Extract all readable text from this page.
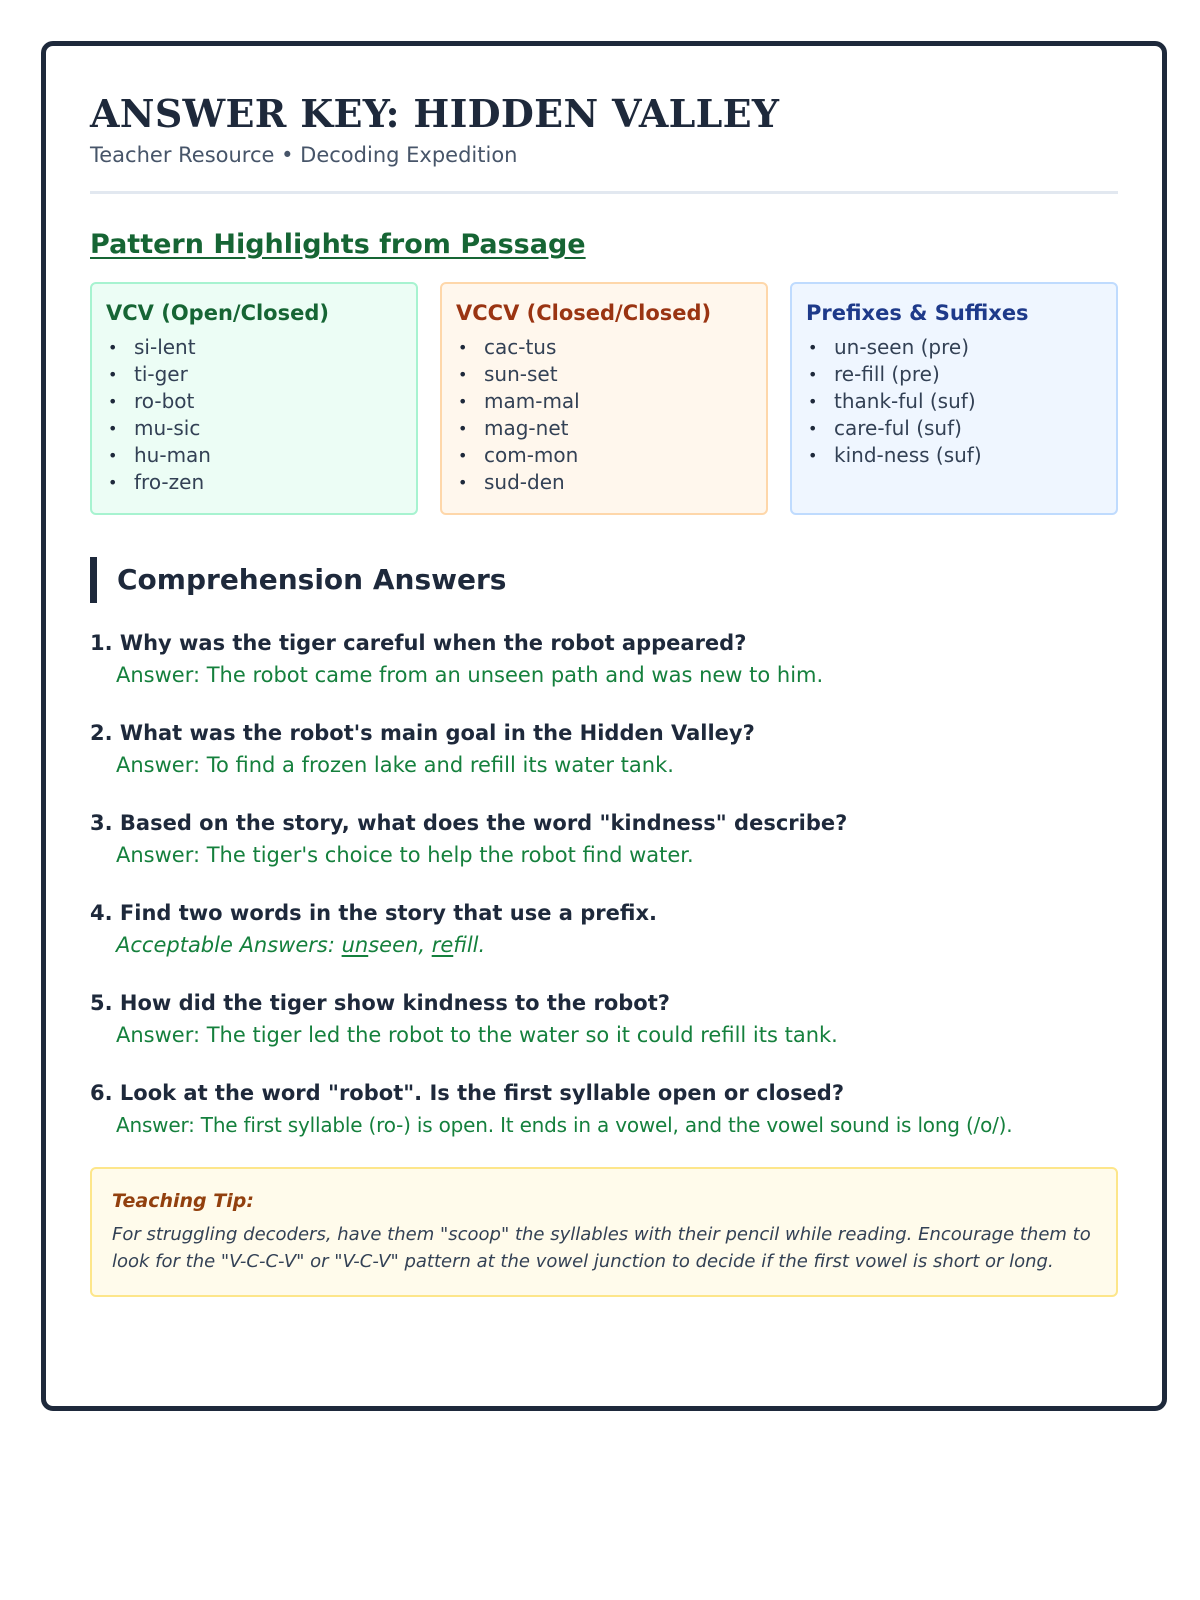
ANSWER KEY: HIDDEN VALLEY
Teacher Resource • Decoding Expedition
Pattern Highlights from Passage
VCV (Open/Closed)
• si-lent
• ti-ger
• ro-bot
• mu-sic
• hu-man
• fro-zen
VCCV (Closed/Closed)
• cac-tus
• sun-set
• mam-mal
• mag-net
• com-mon
• sud-den
Prefixes & Suffixes
• un-seen (pre)
• re-fill (pre)
• thank-ful (suf)
• care-ful (suf)
• kind-ness (suf)
Comprehension Answers
1. Why was the tiger careful when the robot appeared?
Answer: The robot came from an unseen path and was new to him.
2. What was the robot's main goal in the Hidden Valley?
Answer: To find a frozen lake and refill its water tank.
3. Based on the story, what does the word "kindness" describe?
Answer: The tiger's choice to help the robot find water.
4. Find two words in the story that use a prefix.
Acceptable Answers: unseen, refill.
5. How did the tiger show kindness to the robot?
Answer: The tiger led the robot to the water so it could refill its tank.
6. Look at the word "robot". Is the first syllable open or closed?
Answer: The first syllable (ro-) is open. It ends in a vowel, and the vowel sound is long (/o/).
Teaching Tip:
For struggling decoders, have them "scoop" the syllables with their pencil while reading. Encourage them to look for the "V-C-C-V" or "V-C-V" pattern at the vowel junction to decide if the first vowel is short or long.
